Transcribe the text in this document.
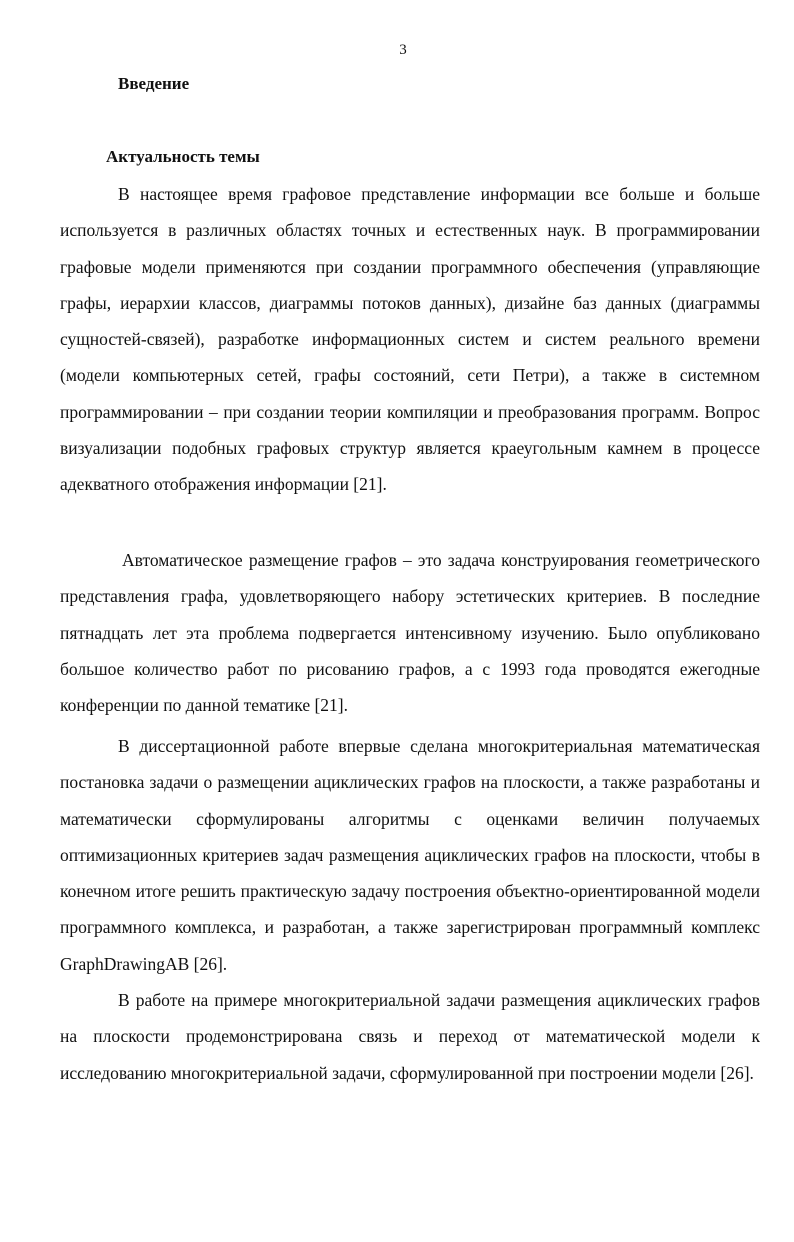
3
Введение
Актуальность темы

В настоящее время графовое представление информации все больше и больше используется в различных областях точных и естественных наук. В программировании графовые модели применяются при создании программного обеспечения (управляющие графы, иерархии классов, диаграммы потоков данных), дизайне баз данных (диаграммы сущностей-связей), разработке информационных систем и систем реального времени (модели компьютерных сетей, графы состояний, сети Петри), а также в системном программировании – при создании теории компиляции и преобразования программ. Вопрос визуализации подобных графовых структур является краеугольным камнем в процессе адекватного отображения информации [21].

Автоматическое размещение графов – это задача конструирования геометрического представления графа, удовлетворяющего набору эстетических критериев. В последние пятнадцать лет эта проблема подвергается интенсивному изучению. Было опубликовано большое количество работ по рисованию графов, а с 1993 года проводятся ежегодные конференции по данной тематике [21].

В диссертационной работе впервые сделана многокритериальная математическая постановка задачи о размещении ациклических графов на плоскости, а также разработаны и математически сформулированы алгоритмы с оценками величин получаемых оптимизационных критериев задач размещения ациклических графов на плоскости, чтобы в конечном итоге решить практическую задачу построения объектно-ориентированной модели программного комплекса, и разработан, а также зарегистрирован программный комплекс GraphDrawingAB [26].

В работе на примере многокритериальной задачи размещения ациклических графов на плоскости продемонстрирована связь и переход от математической модели к исследованию многокритериальной задачи, сформулированной при построении модели [26].
